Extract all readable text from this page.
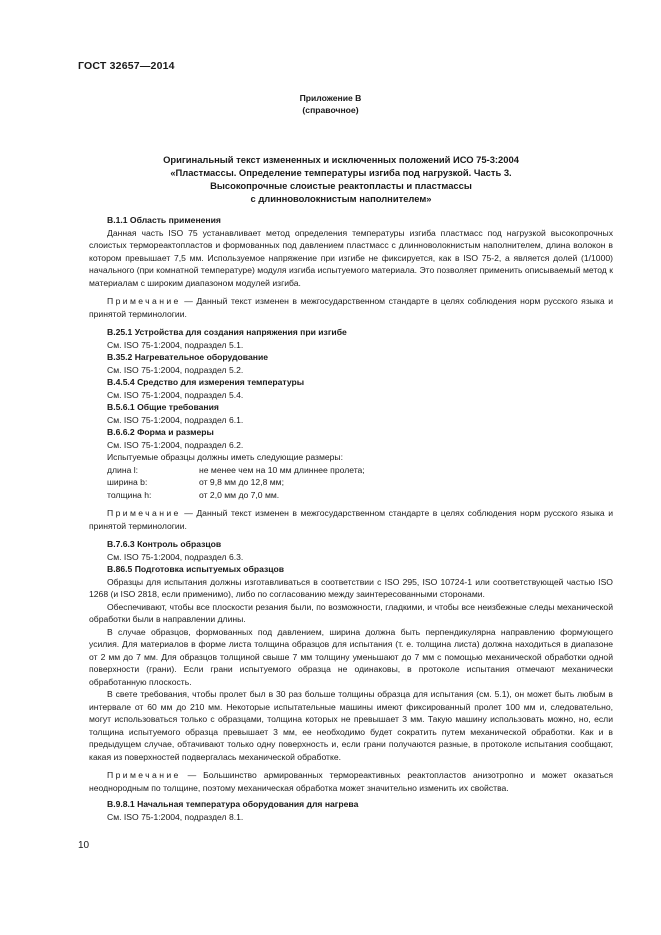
ГОСТ 32657—2014
Приложение В
(справочное)
Оригинальный текст измененных и исключенных положений ИСО 75-3:2004
«Пластмассы. Определение температуры изгиба под нагрузкой. Часть 3.
Высокопрочные слоистые реактопласты и пластмассы
с длинноволокнистым наполнителем»
В.1.1 Область применения

Данная часть ISO 75 устанавливает метод определения температуры изгиба пластмасс под нагрузкой высокопрочных слоистых термореактопластов и формованных под давлением пластмасс с длинноволокнистым наполнителем, длина волокон в котором превышает 7,5 мм. Используемое напряжение при изгибе не фиксируется, как в ISO 75-2, а является долей (1/1000) начального (при комнатной температуре) модуля изгиба испытуемого материала. Это позволяет применить описываемый метод к материалам с широким диапазоном модулей изгиба.

Примечание — Данный текст изменен в межгосударственном стандарте в целях соблюдения норм русского языка и принятой терминологии.

В.25.1 Устройства для создания напряжения при изгибе
См. ISO 75-1:2004, подраздел 5.1.
В.35.2 Нагревательное оборудование
См. ISO 75-1:2004, подраздел 5.2.
В.4.5.4 Средство для измерения температуры
См. ISO 75-1:2004, подраздел 5.4.
В.5.6.1 Общие требования
См. ISO 75-1:2004, подраздел 6.1.
В.6.6.2 Форма и размеры
См. ISO 75-1:2004, подраздел 6.2.
Испытуемые образцы должны иметь следующие размеры:
длина l:	не менее чем на 10 мм длиннее пролета;
ширина b:	от 9,8 мм до 12,8 мм;
толщина h:	от 2,0 мм до 7,0 мм.

Примечание — Данный текст изменен в межгосударственном стандарте в целях соблюдения норм русского языка и принятой терминологии.

В.7.6.3 Контроль образцов
См. ISO 75-1:2004, подраздел 6.3.
В.86.5 Подготовка испытуемых образцов

Образцы для испытания должны изготавливаться в соответствии с ISO 295, ISO 10724-1 или соответствующей частью ISO 1268 (и ISO 2818, если применимо), либо по согласованию между заинтересованными сторонами.

Обеспечивают, чтобы все плоскости резания были, по возможности, гладкими, и чтобы все неизбежные следы механической обработки были в направлении длины.

В случае образцов, формованных под давлением, ширина должна быть перпендикулярна направлению формующего усилия. Для материалов в форме листа толщина образцов для испытания (т. е. толщина листа) должна находиться в диапазоне от 2 мм до 7 мм. Для образцов толщиной свыше 7 мм толщину уменьшают до 7 мм с помощью механической обработки одной поверхности (грани). Если грани испытуемого образца не одинаковы, в протоколе испытания отмечают механически обработанную плоскость.

В свете требования, чтобы пролет был в 30 раз больше толщины образца для испытания (см. 5.1), он может быть любым в интервале от 60 мм до 210 мм. Некоторые испытательные машины имеют фиксированный пролет 100 мм и, следовательно, могут использоваться только с образцами, толщина которых не превышает 3 мм. Такую машину использовать можно, но, если толщина испытуемого образца превышает 3 мм, ее необходимо будет сократить путем механической обработки. Как и в предыдущем случае, обтачивают только одну поверхность и, если грани получаются разные, в протоколе испытания сообщают, какая из поверхностей подвергалась механической обработке.

Примечание — Большинство армированных термореактивных реактопластов анизотропно и может оказаться неоднородным по толщине, поэтому механическая обработка может значительно изменить их свойства.

В.9.8.1 Начальная температура оборудования для нагрева
См. ISO 75-1:2004, подраздел 8.1.
10
